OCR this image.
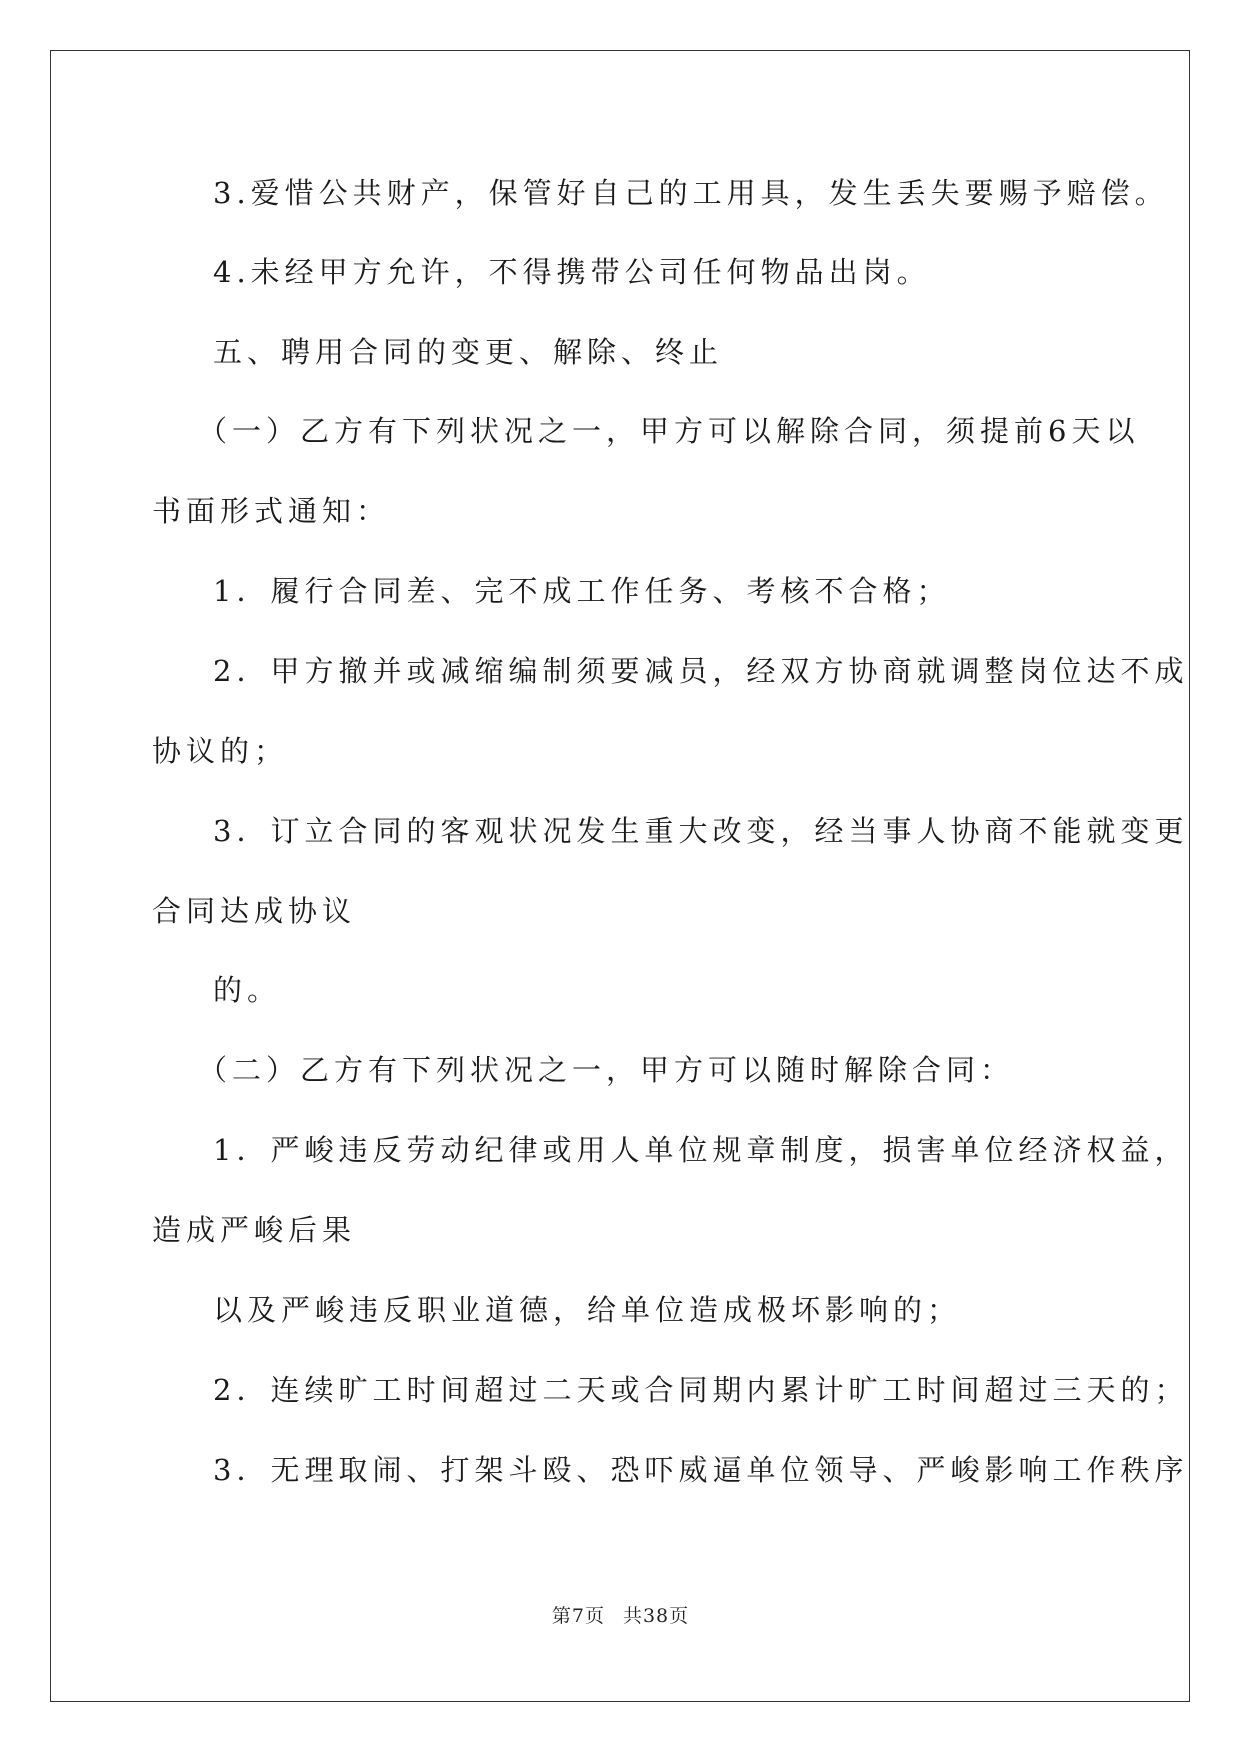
3.爱惜公共财产，保管好自己的工用具，发生丢失要赐予赔偿。
4.未经甲方允许，不得携带公司任何物品出岗。
五、聘用合同的变更、解除、终止
（一）乙方有下列状况之一，甲方可以解除合同，须提前6天以
书面形式通知：
1．履行合同差、完不成工作任务、考核不合格；
2．甲方撤并或减缩编制须要减员，经双方协商就调整岗位达不成
协议的；
3．订立合同的客观状况发生重大改变，经当事人协商不能就变更
合同达成协议
的。
（二）乙方有下列状况之一，甲方可以随时解除合同：
1．严峻违反劳动纪律或用人单位规章制度，损害单位经济权益，
造成严峻后果
以及严峻违反职业道德，给单位造成极坏影响的；
2．连续旷工时间超过二天或合同期内累计旷工时间超过三天的；
3．无理取闹、打架斗殴、恐吓威逼单位领导、严峻影响工作秩序
第7页 共38页
